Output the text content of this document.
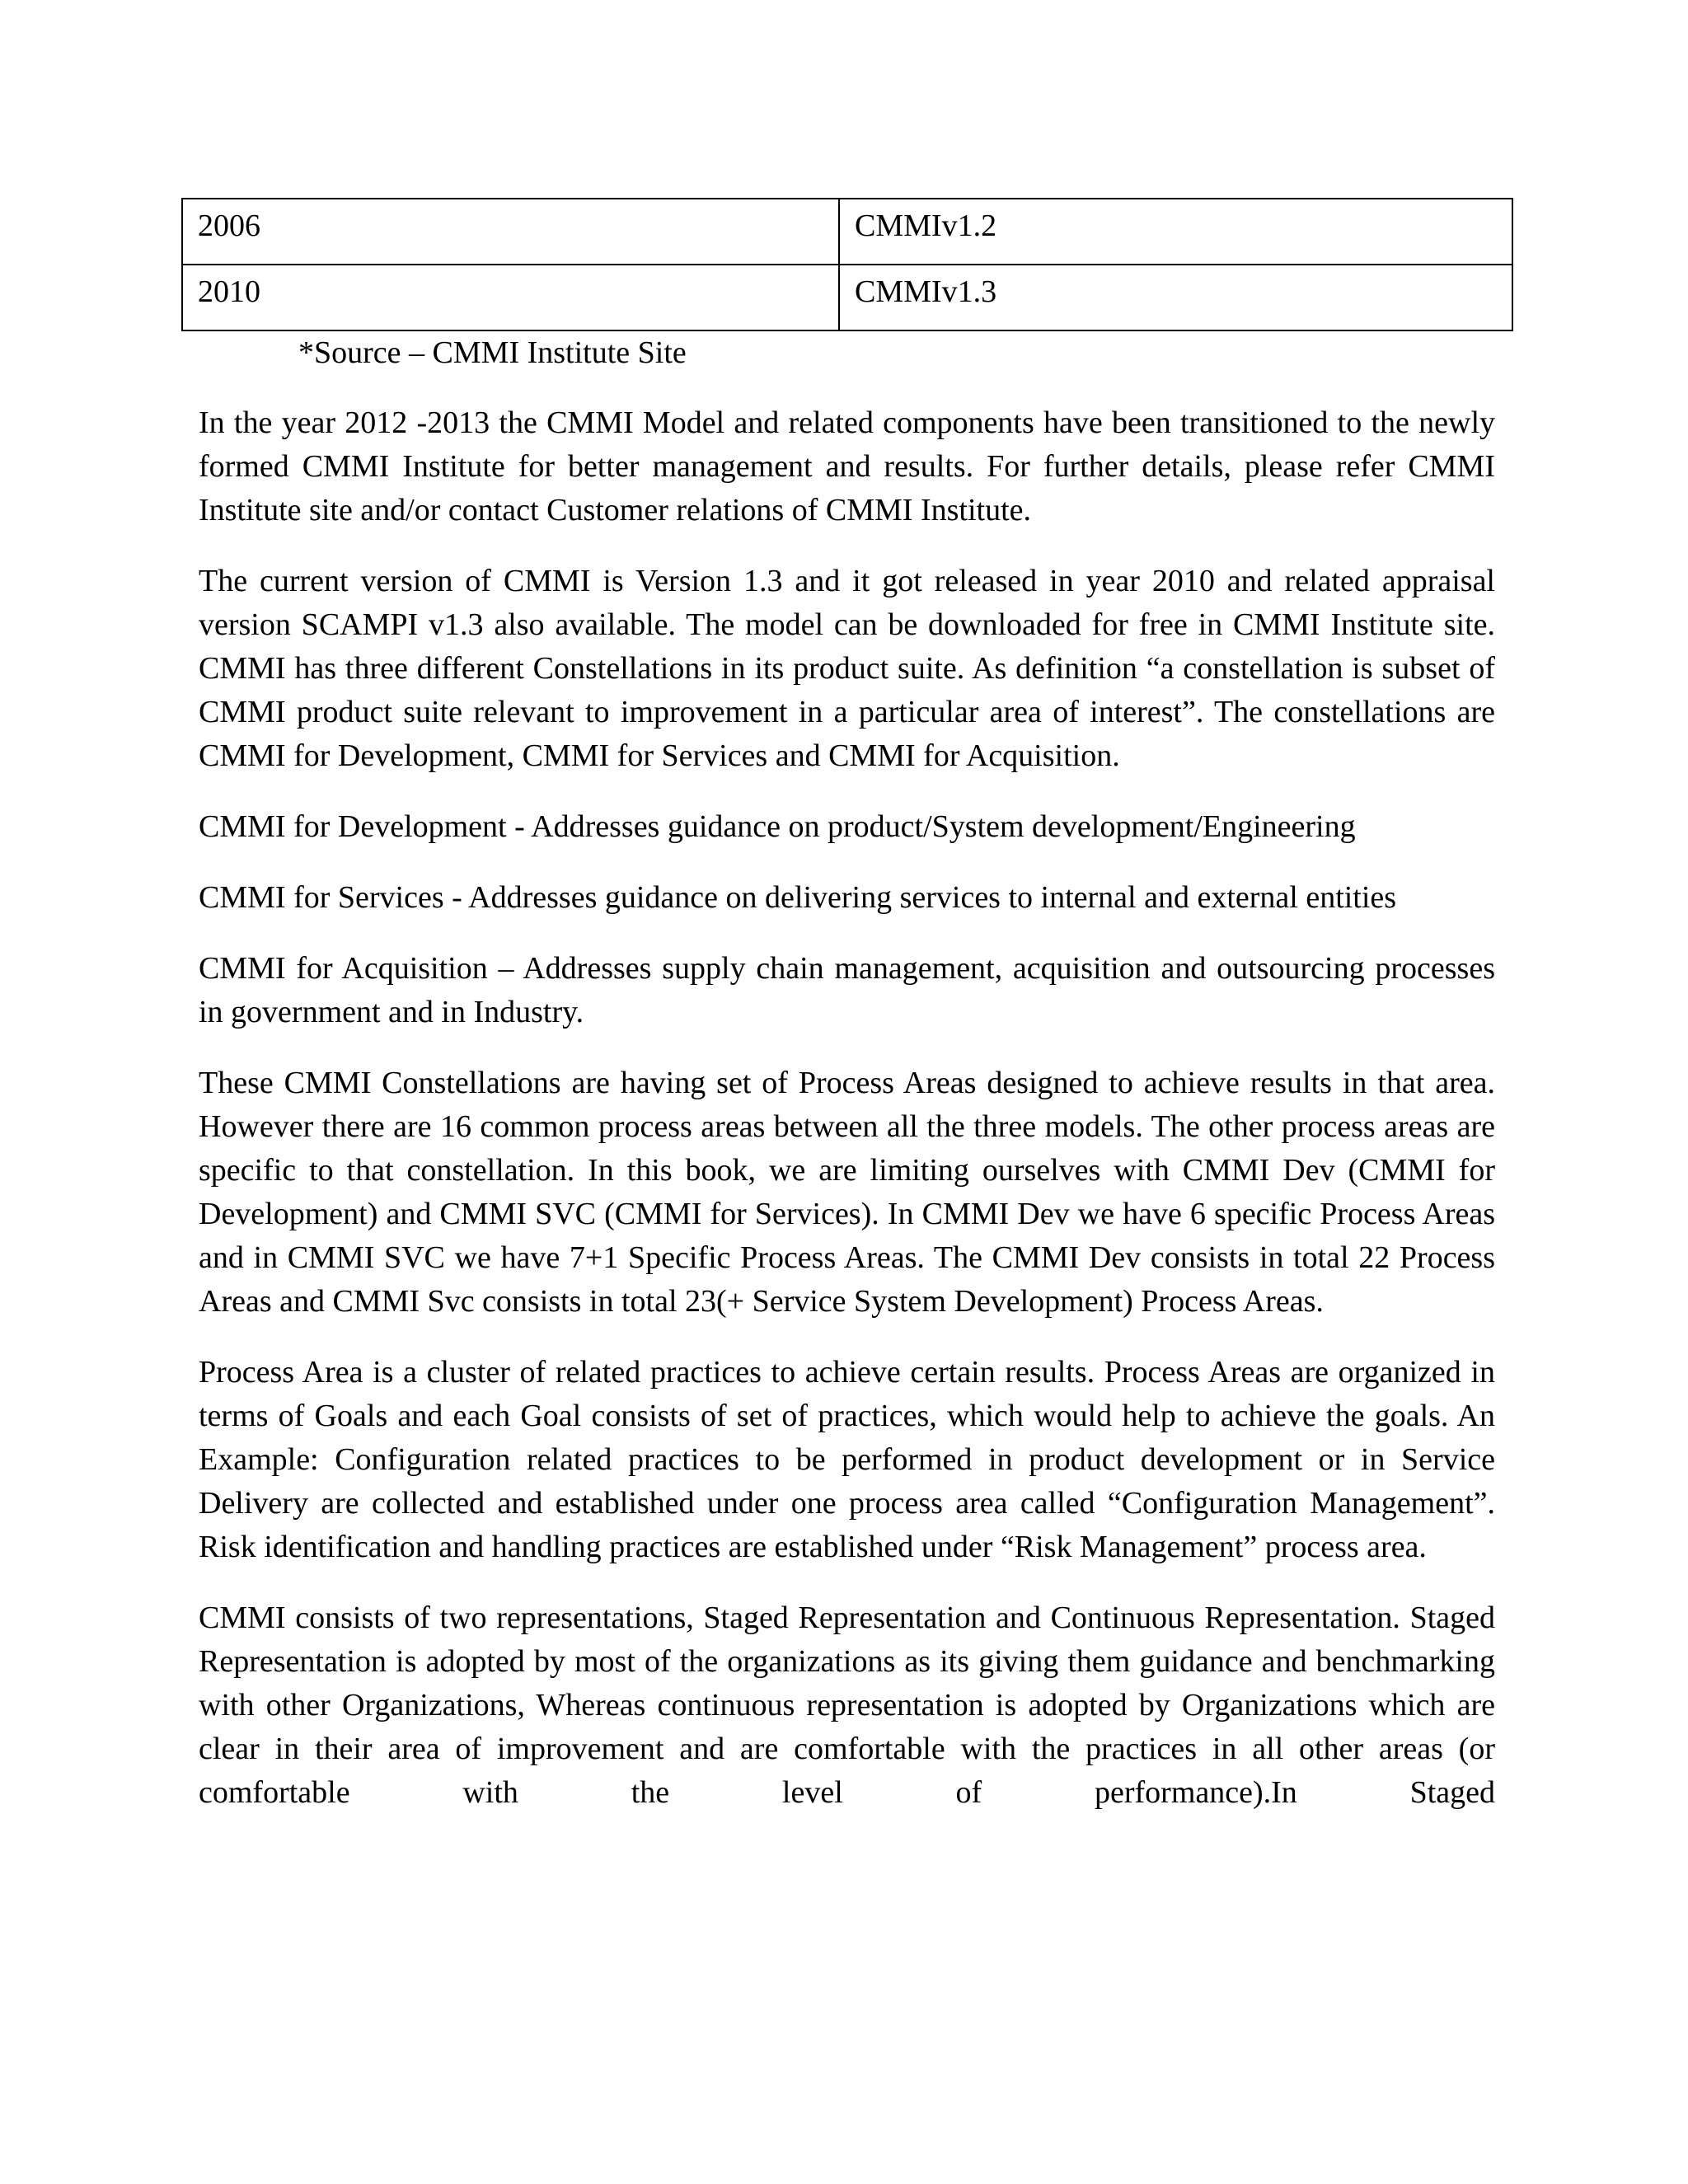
2006	CMMIv1.2
2010	CMMIv1.3

*Source – CMMI Institute Site

In the year 2012 -2013 the CMMI Model and related components have been transitioned to the newly formed CMMI Institute for better management and results. For further details, please refer CMMI Institute site and/or contact Customer relations of CMMI Institute.

The current version of CMMI is Version 1.3 and it got released in year 2010 and related appraisal version SCAMPI v1.3 also available. The model can be downloaded for free in CMMI Institute site. CMMI has three different Constellations in its product suite. As definition “a constellation is subset of CMMI product suite relevant to improvement in a particular area of interest”. The constellations are CMMI for Development, CMMI for Services and CMMI for Acquisition.

CMMI for Development - Addresses guidance on product/System development/Engineering

CMMI for Services - Addresses guidance on delivering services to internal and external entities

CMMI for Acquisition – Addresses supply chain management, acquisition and outsourcing processes in government and in Industry.

These CMMI Constellations are having set of Process Areas designed to achieve results in that area. However there are 16 common process areas between all the three models. The other process areas are specific to that constellation. In this book, we are limiting ourselves with CMMI Dev (CMMI for Development) and CMMI SVC (CMMI for Services). In CMMI Dev we have 6 specific Process Areas and in CMMI SVC we have 7+1 Specific Process Areas. The CMMI Dev consists in total 22 Process Areas and CMMI Svc consists in total 23(+ Service System Development) Process Areas.

Process Area is a cluster of related practices to achieve certain results. Process Areas are organized in terms of Goals and each Goal consists of set of practices, which would help to achieve the goals. An Example: Configuration related practices to be performed in product development or in Service Delivery are collected and established under one process area called “Configuration Management”. Risk identification and handling practices are established under “Risk Management” process area.

CMMI consists of two representations, Staged Representation and Continuous Representation. Staged Representation is adopted by most of the organizations as its giving them guidance and benchmarking with other Organizations, Whereas continuous representation is adopted by Organizations which are clear in their area of improvement and are comfortable with the practices in all other areas (or comfortable with the level of performance).In Staged
